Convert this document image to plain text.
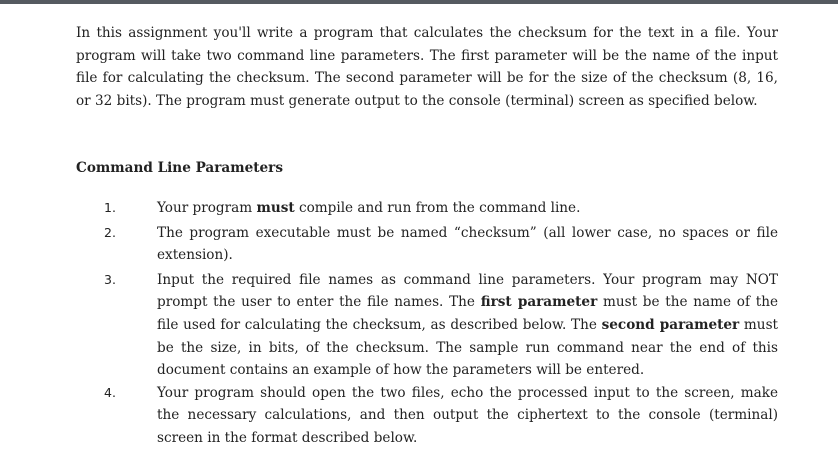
In this assignment you'll write a program that calculates the checksum for the text in a file. Your program will take two command line parameters. The first parameter will be the name of the input file for calculating the checksum. The second parameter will be for the size of the checksum (8, 16, or 32 bits). The program must generate output to the console (terminal) screen as specified below.

Command Line Parameters
1.	Your program must compile and run from the command line.
2.	The program executable must be named “checksum” (all lower case, no spaces or file extension).
3.	Input the required file names as command line parameters. Your program may NOT prompt the user to enter the file names. The first parameter must be the name of the file used for calculating the checksum, as described below. The second parameter must be the size, in bits, of the checksum. The sample run command near the end of this document contains an example of how the parameters will be entered.
4.	Your program should open the two files, echo the processed input to the screen, make the necessary calculations, and then output the ciphertext to the console (terminal) screen in the format described below.
